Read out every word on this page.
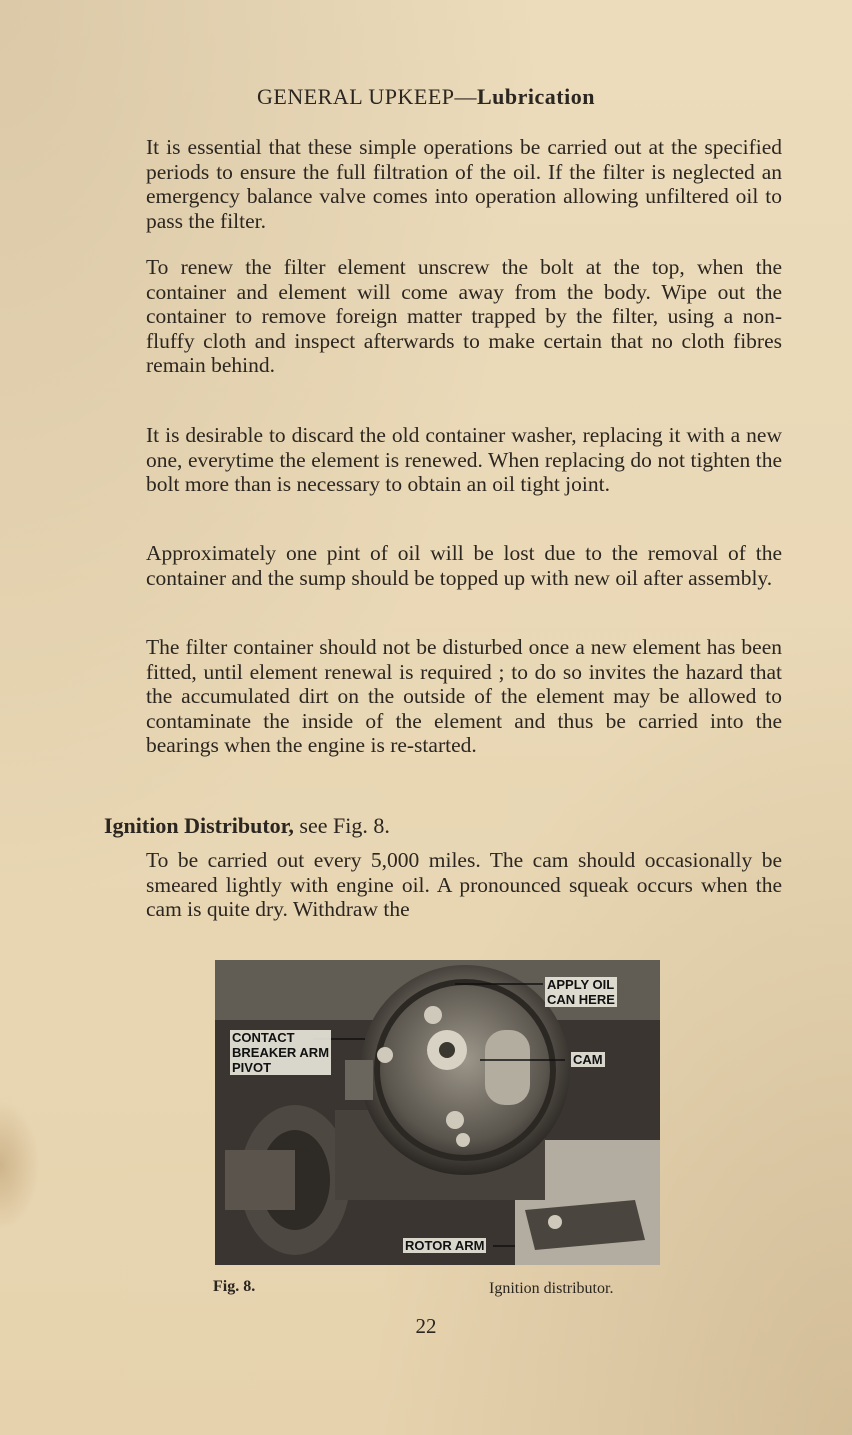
GENERAL UPKEEP—Lubrication

It is essential that these simple operations be carried out at the specified periods to ensure the full filtration of the oil. If the filter is neglected an emergency balance valve comes into operation allowing unfiltered oil to pass the filter.

To renew the filter element unscrew the bolt at the top, when the container and element will come away from the body. Wipe out the container to remove foreign matter trapped by the filter, using a non-fluffy cloth and inspect afterwards to make certain that no cloth fibres remain behind.

It is desirable to discard the old container washer, replacing it with a new one, everytime the element is renewed. When replacing do not tighten the bolt more than is necessary to obtain an oil tight joint.

Approximately one pint of oil will be lost due to the removal of the container and the sump should be topped up with new oil after assembly.

The filter container should not be disturbed once a new element has been fitted, until element renewal is required ; to do so invites the hazard that the accumulated dirt on the outside of the element may be allowed to contaminate the inside of the element and thus be carried into the bearings when the engine is re-started.

Ignition Distributor, see Fig. 8.

To be carried out every 5,000 miles. The cam should occasionally be smeared lightly with engine oil. A pronounced squeak occurs when the cam is quite dry. Withdraw the

APPLY OIL
CAN HERE
CONTACT
BREAKER ARM
PIVOT
CAM
ROTOR ARM
Fig. 8.	Ignition distributor.
22
